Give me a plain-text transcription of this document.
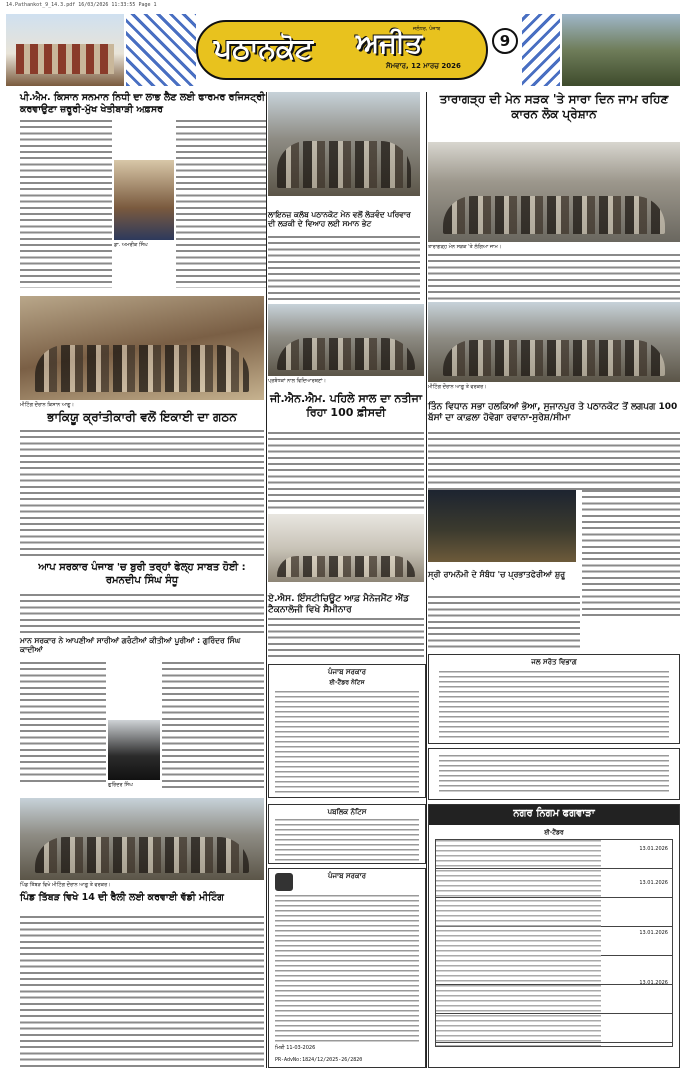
14.Pathankot_9_14.3.pdf 16/03/2026 11:33:55 Page 1
ਪਠਾਨਕੋਟ ਅਜੀਤ
ਜਲੰਧਰ, ਪੰਜਾਬ
ਸੋਮਵਾਰ, 12 ਮਾਰਚ 2026
9
ਪੀ.ਐਮ. ਕਿਸਾਨ ਸਨਮਾਨ ਨਿਧੀ ਦਾ ਲਾਭ ਲੈਣ ਲਈ ਫਾਰਮਰ ਰਜਿਸਟ੍ਰੀ ਕਰਵਾਉਣਾ ਜ਼ਰੂਰੀ-ਮੁੱਖ ਖੇਤੀਬਾੜੀ ਅਫ਼ਸਰ
ਡਾ. ਅਮਰੀਕ ਸਿੰਘ
ਲਾਇਨਜ਼ ਕਲੱਬ ਪਠਾਨਕੋਟ ਮੇਨ ਵਲੋਂ ਲੋੜਵੰਦ ਪਰਿਵਾਰ ਦੀ ਲੜਕੀ ਦੇ ਵਿਆਹ ਲਈ ਸਮਾਨ ਭੇਟ
ਤਾਰਾਗੜ੍ਹ ਦੀ ਮੇਨ ਸੜਕ 'ਤੇ ਸਾਰਾ ਦਿਨ ਜਾਮ ਰਹਿਣ ਕਾਰਨ ਲੋਕ ਪ੍ਰੇਸ਼ਾਨ
ਤਾਰਾਗੜ੍ਹ ਮੇਨ ਸੜਕ 'ਤੇ ਲੱਗਿਆ ਜਾਮ।
ਮੀਟਿੰਗ ਦੌਰਾਨ ਕਿਸਾਨ ਆਗੂ।
ਭਾਕਿਯੂ ਕ੍ਰਾਂਤੀਕਾਰੀ ਵਲੋਂ ਇਕਾਈ ਦਾ ਗਠਨ
ਪ੍ਰਬੰਧਕਾਂ ਨਾਲ ਵਿਦਿਆਰਥਣਾਂ।
ਜੀ.ਐਨ.ਐਮ. ਪਹਿਲੇ ਸਾਲ ਦਾ ਨਤੀਜਾ ਰਿਹਾ 100 ਫ਼ੀਸਦੀ
ਮੀਟਿੰਗ ਦੌਰਾਨ ਆਗੂ ਤੇ ਵਰਕਰ।
ਤਿੰਨ ਵਿਧਾਨ ਸਭਾ ਹਲਕਿਆਂ ਭੋਆ, ਸੁਜਾਨਪੁਰ ਤੇ ਪਠਾਨਕੋਟ ਤੋਂ ਲਗਪਗ 100 ਬੱਸਾਂ ਦਾ ਕਾਫ਼ਲਾ ਹੋਵੇਗਾ ਰਵਾਨਾ-ਸੁਰੇਸ਼/ਸੀਮਾ
ਸ੍ਰੀ ਰਾਮਨੌਮੀ ਦੇ ਸੰਬੰਧ 'ਚ ਪ੍ਰਭਾਤਫੇਰੀਆਂ ਸ਼ੁਰੂ
ਆਪ ਸਰਕਾਰ ਪੰਜਾਬ 'ਚ ਬੁਰੀ ਤਰ੍ਹਾਂ ਫੇਲ੍ਹ ਸਾਬਤ ਹੋਈ : ਰਮਨਦੀਪ ਸਿੰਘ ਸੰਧੂ
ਮਾਨ ਸਰਕਾਰ ਨੇ ਆਪਣੀਆਂ ਸਾਰੀਆਂ ਗਰੰਟੀਆਂ ਕੀਤੀਆਂ ਪੂਰੀਆਂ : ਗੁਰਿੰਦਰ ਸਿੰਘ ਕਾਦੀਆਂ
ਗੁਰਿੰਦਰ ਸਿੰਘ
ਏ.ਐਸ. ਇੰਸਟੀਚਿਊਟ ਆਫ਼ ਮੈਨੇਜਮੈਂਟ ਐਂਡ ਟੈਕਨਾਲੋਜੀ ਵਿਖੇ ਸੈਮੀਨਾਰ
ਪੰਜਾਬ ਸਰਕਾਰ
ਈ-ਟੈਂਡਰ ਨੋਟਿਸ
ਜਲ ਸਰੋਤ ਵਿਭਾਗ
ਪਿੰਡ ਤਿੱਬੜ ਵਿਖੇ ਮੀਟਿੰਗ ਦੌਰਾਨ ਆਗੂ ਤੇ ਵਰਕਰ।
ਪਿੰਡ ਤਿੱਬੜ ਵਿਖੇ 14 ਦੀ ਰੈਲੀ ਲਈ ਕਰਵਾਈ ਵੱਡੀ ਮੀਟਿੰਗ
ਪਬਲਿਕ ਨੋਟਿਸ
ਪੰਜਾਬ ਸਰਕਾਰ
ਮਿਤੀ 11-03-2026
PR-AdvNo:1824/12/2025-26/2820
ਨਗਰ ਨਿਗਮ ਫਗਵਾੜਾ
ਈ-ਟੈਂਡਰ
13.01.2026
13.01.2026
13.01.2026
13.01.2026
